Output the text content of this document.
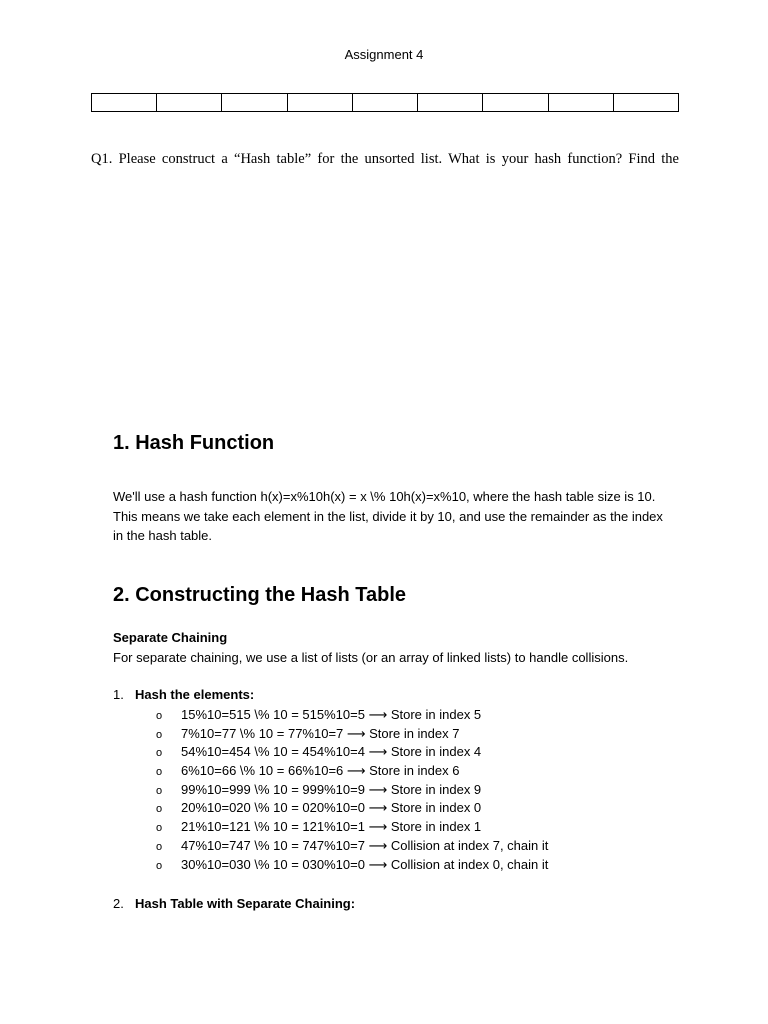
Assignment 4

Q1. Please construct a “Hash table” for the unsorted list. What is your hash function? Find the
1. Hash Function

We'll use a hash function h(x)=x%10h(x) = x \% 10h(x)=x%10, where the hash table size is 10. This means we take each element in the list, divide it by 10, and use the remainder as the index in the hash table.

2. Constructing the Hash Table
Separate Chaining
For separate chaining, we use a list of lists (or an array of linked lists) to handle collisions.
1. Hash the elements:
o 15%10=515 \% 10 = 515%10=5 ⟶ Store in index 5
o 7%10=77 \% 10 = 77%10=7 ⟶ Store in index 7
o 54%10=454 \% 10 = 454%10=4 ⟶ Store in index 4
o 6%10=66 \% 10 = 66%10=6 ⟶ Store in index 6
o 99%10=999 \% 10 = 999%10=9 ⟶ Store in index 9
o 20%10=020 \% 10 = 020%10=0 ⟶ Store in index 0
o 21%10=121 \% 10 = 121%10=1 ⟶ Store in index 1
o 47%10=747 \% 10 = 747%10=7 ⟶ Collision at index 7, chain it
o 30%10=030 \% 10 = 030%10=0 ⟶ Collision at index 0, chain it
2. Hash Table with Separate Chaining:
